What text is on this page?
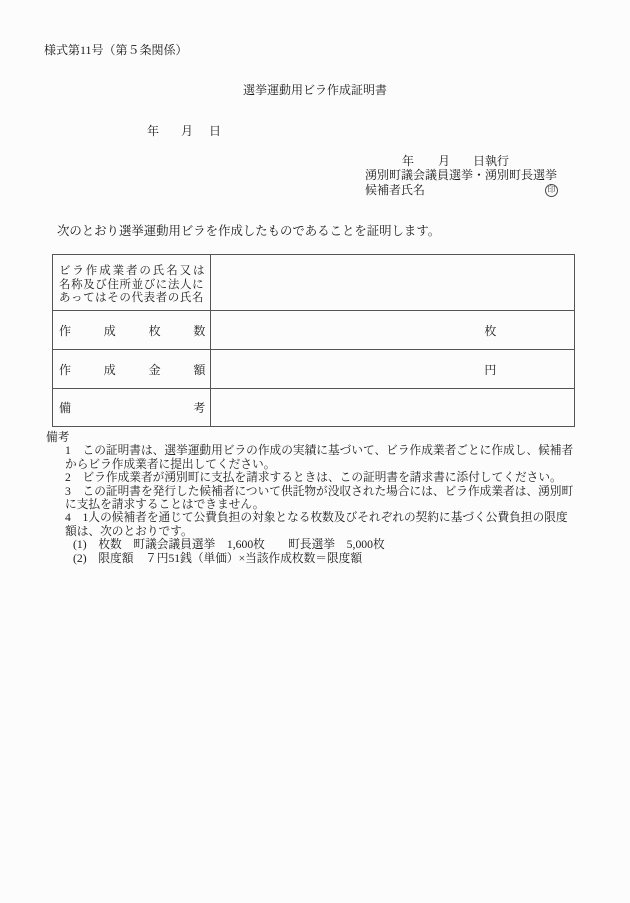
様式第11号（第５条関係）
選挙運動用ビラ作成証明書
年 月 日
年 月 日執行
湧別町議会議員選挙・湧別町長選挙
候補者氏名	印
次のとおり選挙運動用ビラを作成したものであることを証明します。
ビラ作成業者の氏名又は
名称及び住所並びに法人に
あってはその代表者の氏名	

作 成 枚 数	枚

作 成 金 額	円

備 考	

備考
1　この証明書は、選挙運動用ビラの作成の実績に基づいて、ビラ作成業者ごとに作成し、候補者
からビラ作成業者に提出してください。
2　ビラ作成業者が湧別町に支払を請求するときは、この証明書を請求書に添付してください。
3　この証明書を発行した候補者について供託物が没収された場合には、ビラ作成業者は、湧別町
に支払を請求することはできません。
4　1人の候補者を通じて公費負担の対象となる枚数及びそれぞれの契約に基づく公費負担の限度
額は、次のとおりです。
(1)　枚数　町議会議員選挙　1,600枚　　町長選挙　5,000枚
(2)　限度額　７円51銭（単価）×当該作成枚数＝限度額
